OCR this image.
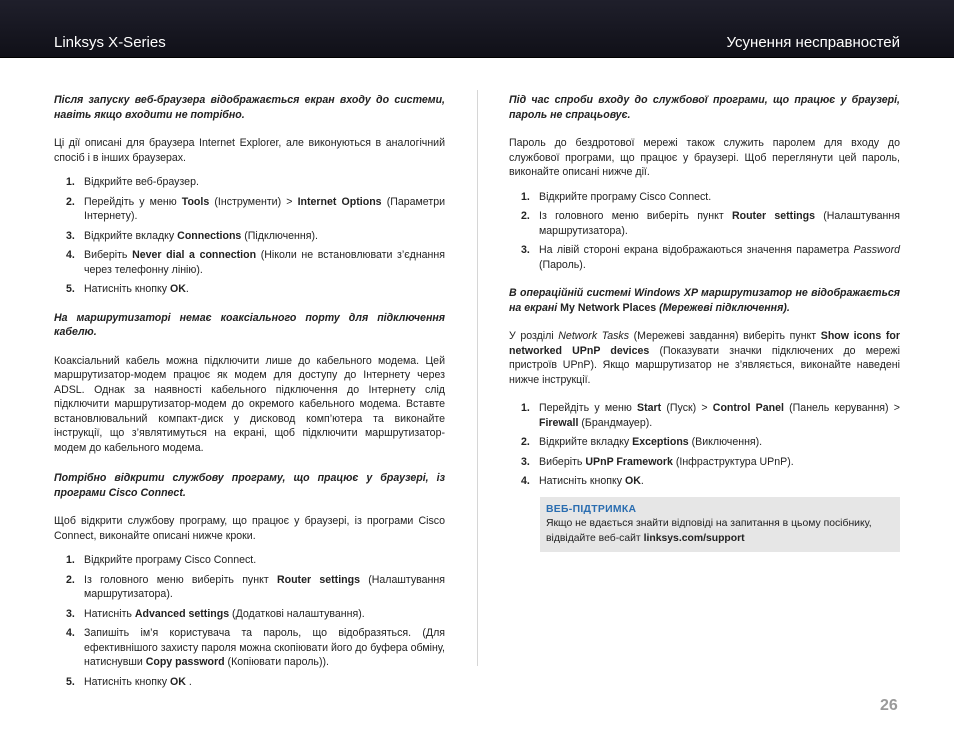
Linksys X-Series	Усунення несправностей

Після запуску веб-браузера відображається екран входу до системи, навіть якщо входити не потрібно.

Ці дії описані для браузера Internet Explorer, але виконуються в аналогічний спосіб і в інших браузерах.

1. Відкрийте веб-браузер.
2. Перейдіть у меню Tools (Інструменти) > Internet Options (Параметри Інтернету).
3. Відкрийте вкладку Connections (Підключення).
4. Виберіть Never dial a connection (Ніколи не встановлювати з’єднання через телефонну лінію).
5. Натисніть кнопку OK.

На маршрутизаторі немає коаксіального порту для підключення кабелю.

Коаксіальний кабель можна підключити лише до кабельного модема. Цей маршрутизатор-модем працює як модем для доступу до Інтернету через ADSL. Однак за наявності кабельного підключення до Інтернету слід підключити маршрутизатор-модем до окремого кабельного модема. Вставте встановлювальний компакт-диск у дисковод комп’ютера та виконайте інструкції, що з’являтимуться на екрані, щоб підключити маршрутизатор-модем до кабельного модема.

Потрібно відкрити службову програму, що працює у браузері, із програми Cisco Connect.

Щоб відкрити службову програму, що працює у браузері, із програми Cisco Connect, виконайте описані нижче кроки.

1. Відкрийте програму Cisco Connect.
2. Із головного меню виберіть пункт Router settings (Налаштування маршрутизатора).
3. Натисніть Advanced settings (Додаткові налаштування).
4. Запишіть ім’я користувача та пароль, що відобразяться. (Для ефективнішого захисту пароля можна скопіювати його до буфера обміну, натиснувши Copy password (Копіювати пароль)).
5. Натисніть кнопку OK .

Під час спроби входу до службової програми, що працює у браузері, пароль не спрацьовує.

Пароль до бездротової мережі також служить паролем для входу до службової програми, що працює у браузері. Щоб переглянути цей пароль, виконайте описані нижче дії.

1. Відкрийте програму Cisco Connect.
2. Із головного меню виберіть пункт Router settings (Налаштування маршрутизатора).
3. На лівій стороні екрана відображаються значення параметра Password (Пароль).

В операційній системі Windows XP маршрутизатор не відображається на екрані My Network Places (Мережеві підключення).

У розділі Network Tasks (Мережеві завдання) виберіть пункт Show icons for networked UPnP devices (Показувати значки підключених до мережі пристроїв UPnP). Якщо маршрутизатор не з’являється, виконайте наведені нижче інструкції.

1. Перейдіть у меню Start (Пуск) > Control Panel (Панель керування) > Firewall (Брандмауер).
2. Відкрийте вкладку Exceptions (Виключення).
3. Виберіть UPnP Framework (Інфраструктура UPnP).
4. Натисніть кнопку OK.
ВЕБ-ПІДТРИМКА
Якщо не вдається знайти відповіді на запитання в цьому посібнику, відвідайте веб-сайт linksys.com/support
26
